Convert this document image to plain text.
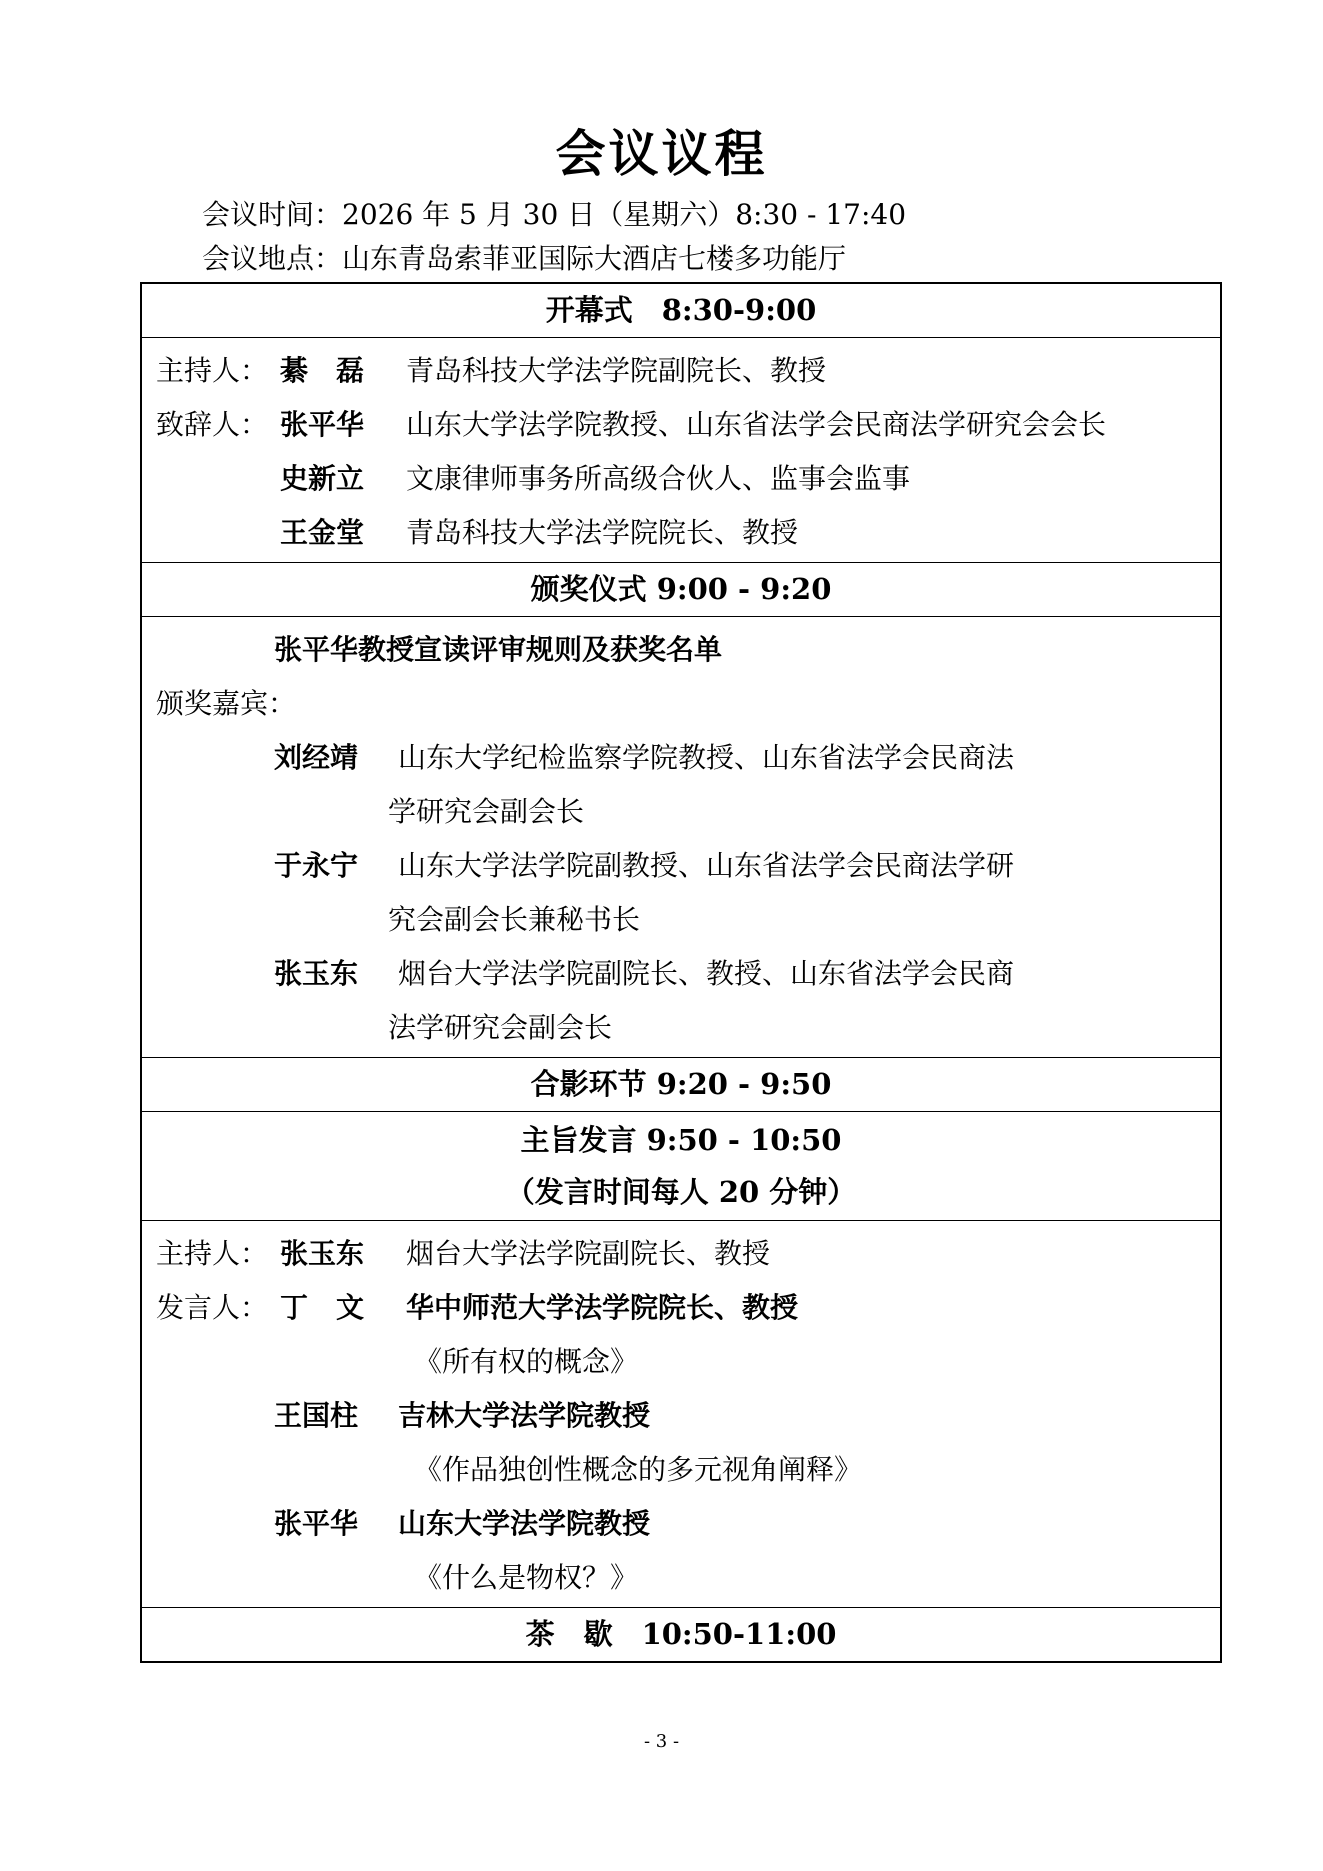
会议议程
会议时间：2026 年 5 月 30 日（星期六）8:30 - 17:40
会议地点：山东青岛索菲亚国际大酒店七楼多功能厅
开幕式　8:30-9:00
主持人： 綦　磊 青岛科技大学法学院副院长、教授
致辞人： 张平华 山东大学法学院教授、山东省法学会民商法学研究会会长
史新立 文康律师事务所高级合伙人、监事会监事
王金堂 青岛科技大学法学院院长、教授
颁奖仪式 9:00 - 9:20
张平华教授宣读评审规则及获奖名单
颁奖嘉宾：
刘经靖 山东大学纪检监察学院教授、山东省法学会民商法
学研究会副会长
于永宁 山东大学法学院副教授、山东省法学会民商法学研
究会副会长兼秘书长
张玉东 烟台大学法学院副院长、教授、山东省法学会民商
法学研究会副会长
合影环节 9:20 - 9:50
主旨发言 9:50 - 10:50
（发言时间每人 20 分钟）
主持人： 张玉东 烟台大学法学院副院长、教授
发言人： 丁　文 华中师范大学法学院院长、教授
《所有权的概念》
王国柱 吉林大学法学院教授
《作品独创性概念的多元视角阐释》
张平华 山东大学法学院教授
《什么是物权？》
茶　歇　10:50-11:00
- 3 -
